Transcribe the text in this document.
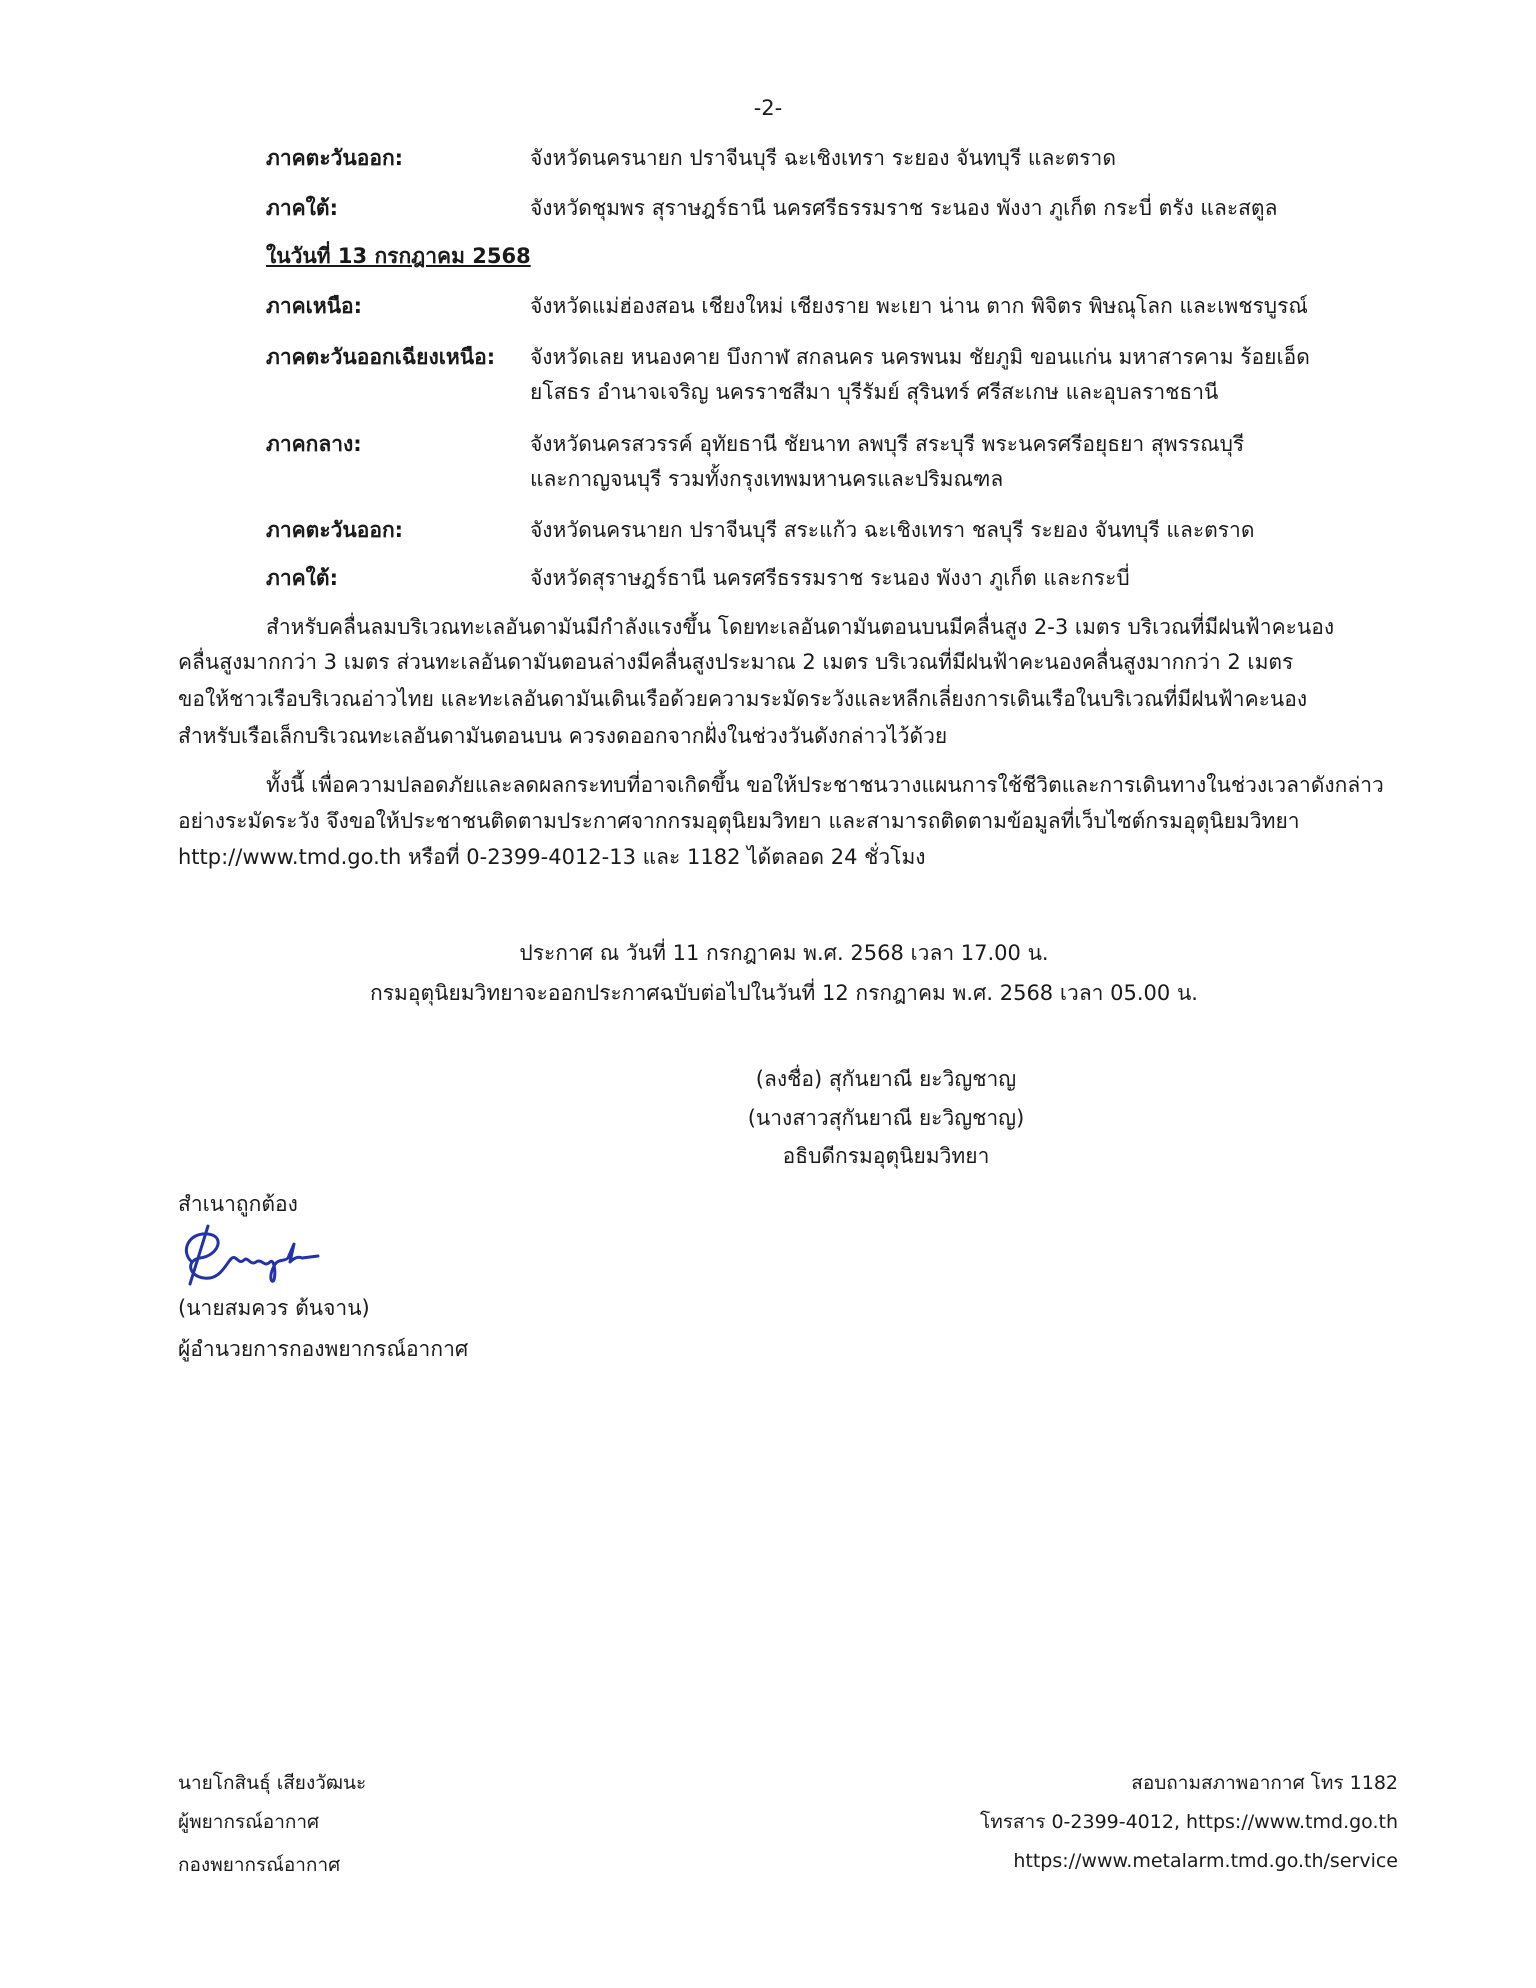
-2-
ภาคตะวันออก:	จังหวัดนครนายก ปราจีนบุรี ฉะเชิงเทรา ระยอง จันทบุรี และตราด
ภาคใต้:	จังหวัดชุมพร สุราษฎร์ธานี นครศรีธรรมราช ระนอง พังงา ภูเก็ต กระบี่ ตรัง และสตูล
ในวันที่ 13 กรกฎาคม 2568
ภาคเหนือ:	จังหวัดแม่ฮ่องสอน เชียงใหม่ เชียงราย พะเยา น่าน ตาก พิจิตร พิษณุโลก และเพชรบูรณ์
ภาคตะวันออกเฉียงเหนือ: จังหวัดเลย หนองคาย บึงกาฬ สกลนคร นครพนม ชัยภูมิ ขอนแก่น มหาสารคาม ร้อยเอ็ด
ยโสธร อำนาจเจริญ นครราชสีมา บุรีรัมย์ สุรินทร์ ศรีสะเกษ และอุบลราชธานี
ภาคกลาง:	จังหวัดนครสวรรค์ อุทัยธานี ชัยนาท ลพบุรี สระบุรี พระนครศรีอยุธยา สุพรรณบุรี
และกาญจนบุรี รวมทั้งกรุงเทพมหานครและปริมณฑล
ภาคตะวันออก:	จังหวัดนครนายก ปราจีนบุรี สระแก้ว ฉะเชิงเทรา ชลบุรี ระยอง จันทบุรี และตราด
ภาคใต้:	จังหวัดสุราษฎร์ธานี นครศรีธรรมราช ระนอง พังงา ภูเก็ต และกระบี่
สำหรับคลื่นลมบริเวณทะเลอันดามันมีกำลังแรงขึ้น โดยทะเลอันดามันตอนบนมีคลื่นสูง 2-3 เมตร บริเวณที่มีฝนฟ้าคะนอง
คลื่นสูงมากกว่า 3 เมตร ส่วนทะเลอันดามันตอนล่างมีคลื่นสูงประมาณ 2 เมตร บริเวณที่มีฝนฟ้าคะนองคลื่นสูงมากกว่า 2 เมตร
ขอให้ชาวเรือบริเวณอ่าวไทย และทะเลอันดามันเดินเรือด้วยความระมัดระวังและหลีกเลี่ยงการเดินเรือในบริเวณที่มีฝนฟ้าคะนอง
สำหรับเรือเล็กบริเวณทะเลอันดามันตอนบน ควรงดออกจากฝั่งในช่วงวันดังกล่าวไว้ด้วย
ทั้งนี้ เพื่อความปลอดภัยและลดผลกระทบที่อาจเกิดขึ้น ขอให้ประชาชนวางแผนการใช้ชีวิตและการเดินทางในช่วงเวลาดังกล่าว
อย่างระมัดระวัง จึงขอให้ประชาชนติดตามประกาศจากกรมอุตุนิยมวิทยา และสามารถติดตามข้อมูลที่เว็บไซต์กรมอุตุนิยมวิทยา
http://www.tmd.go.th หรือที่ 0-2399-4012-13 และ 1182 ได้ตลอด 24 ชั่วโมง
ประกาศ ณ วันที่ 11 กรกฎาคม พ.ศ. 2568 เวลา 17.00 น.
กรมอุตุนิยมวิทยาจะออกประกาศฉบับต่อไปในวันที่ 12 กรกฎาคม พ.ศ. 2568 เวลา 05.00 น.
(ลงชื่อ) สุกันยาณี ยะวิญชาญ
(นางสาวสุกันยาณี ยะวิญชาญ)
อธิบดีกรมอุตุนิยมวิทยา
สำเนาถูกต้อง
(นายสมควร ต้นจาน)
ผู้อำนวยการกองพยากรณ์อากาศ
นายโกสินธุ์ เสียงวัฒนะ
ผู้พยากรณ์อากาศ
กองพยากรณ์อากาศ
สอบถามสภาพอากาศ โทร 1182
โทรสาร 0-2399-4012, https://www.tmd.go.th
https://www.metalarm.tmd.go.th/service
